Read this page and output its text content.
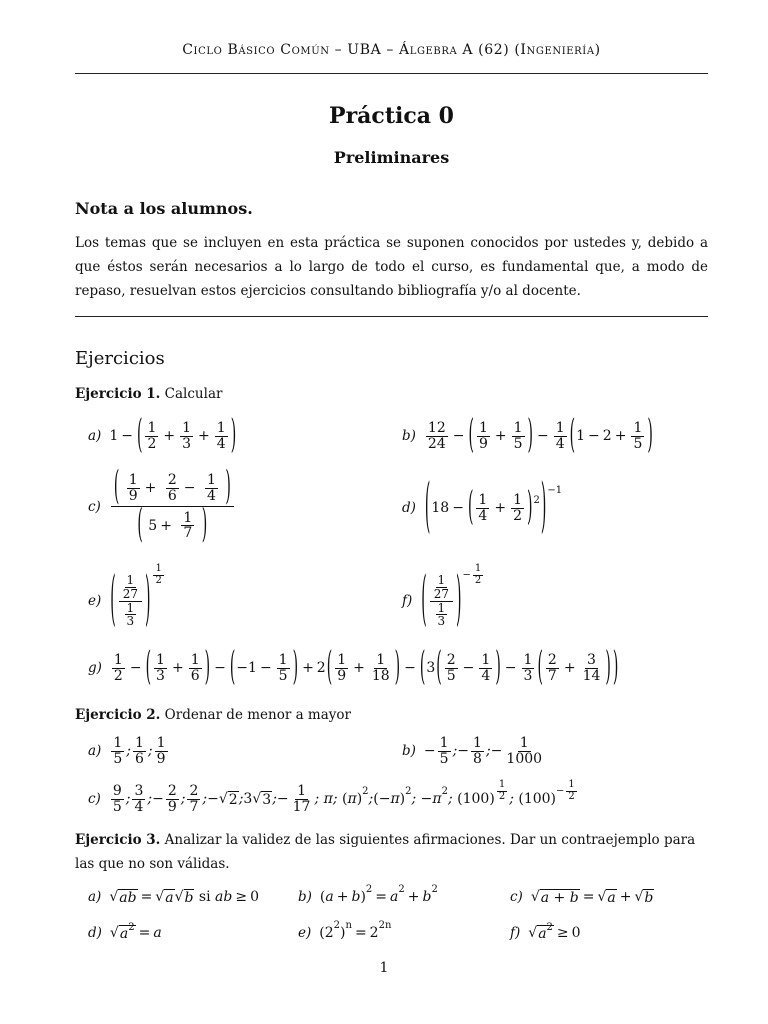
Ciclo Básico Común – UBA – Álgebra A (62) (Ingeniería)
Práctica 0
Preliminares
Nota a los alumnos.
Los temas que se incluyen en esta práctica se suponen conocidos por ustedes y, debido a que éstos serán necesarios a lo largo de todo el curso, es fundamental que, a modo de repaso, resuelvan estos ejercicios consultando bibliografía y/o al docente.
Ejercicios
Ejercicio 1. Calcular
a) 1 − ( $\frac{1}{2} + \frac{1}{3} + \frac{1}{4}$ )	$b) \frac{12}{24}$ − ( $\frac{1}{9} + \frac{1}{5}$ ) − $\frac{1}{4}$ ( $1 - 2 + \frac{1}{5}$ )
$c) \frac{( \frac{1}{9} + \frac{2}{6} - \frac{1}{4} )}{( 5 + \frac{1}{7} )}$	d) ( 18 − ( $\frac{1}{4} + \frac{1}{2} )^2$ )$^{-1}$
e) ( $\frac{\frac{1}{27}}{\frac{1}{3}}$ ) $^{\frac{1}{2}}$
f) ( $\frac{\frac{1}{27}}{\frac{1}{3}} )^{- \frac{1}{2}}$
$g) \frac{1}{2}$ − ( $\frac{1}{3} + \frac{1}{6}$ ) − ( $-1 - \frac{1}{5}$ ) + 2 ( $\frac{1}{9} + \frac{1}{18}$ ) − ( 3 ( $\frac{2}{5} - \frac{1}{4}$ ) − $\frac{1}{3}$ ( $\frac{2}{7} + \frac{3}{14}$ ) )
Ejercicio 2. Ordenar de menor a mayor
$a) \frac{1}{5}$ ; $\frac{1}{6}$ ; $\frac{1}{9}$	$b) - \frac{1}{5}$ ; − $\frac{1}{8}$ ; − $\frac{1}{1000}$
$c) \frac{9}{5}$ ; $\frac{3}{4}$ ; − $\frac{2}{9}$ ; $\frac{2}{7}$ ; − √ 2 ; 3 √ 3 ; − $\frac{1}{17}$ ; π; ( π )$^2$ ; (− π )$^2$ ; − $\pi^2$ ; (100) $^{\frac{1}{2}}$ ; $(100)^{- \frac{1}{2}}$
Ejercicio 3. Analizar la validez de las siguientes afirmaciones. Dar un contraejemplo para las que no son válidas.
a) √ ab = √ a √ b si ab ≥ 0	b) ( a + b )$^2 = a^2 + b^2$	c) √ a + b = √ a + √ b
d) √ $a^2 = a$	e) ($2^2$ )$^n = 2^{2n}$	f) √ $a^2 \ge 0$
1
